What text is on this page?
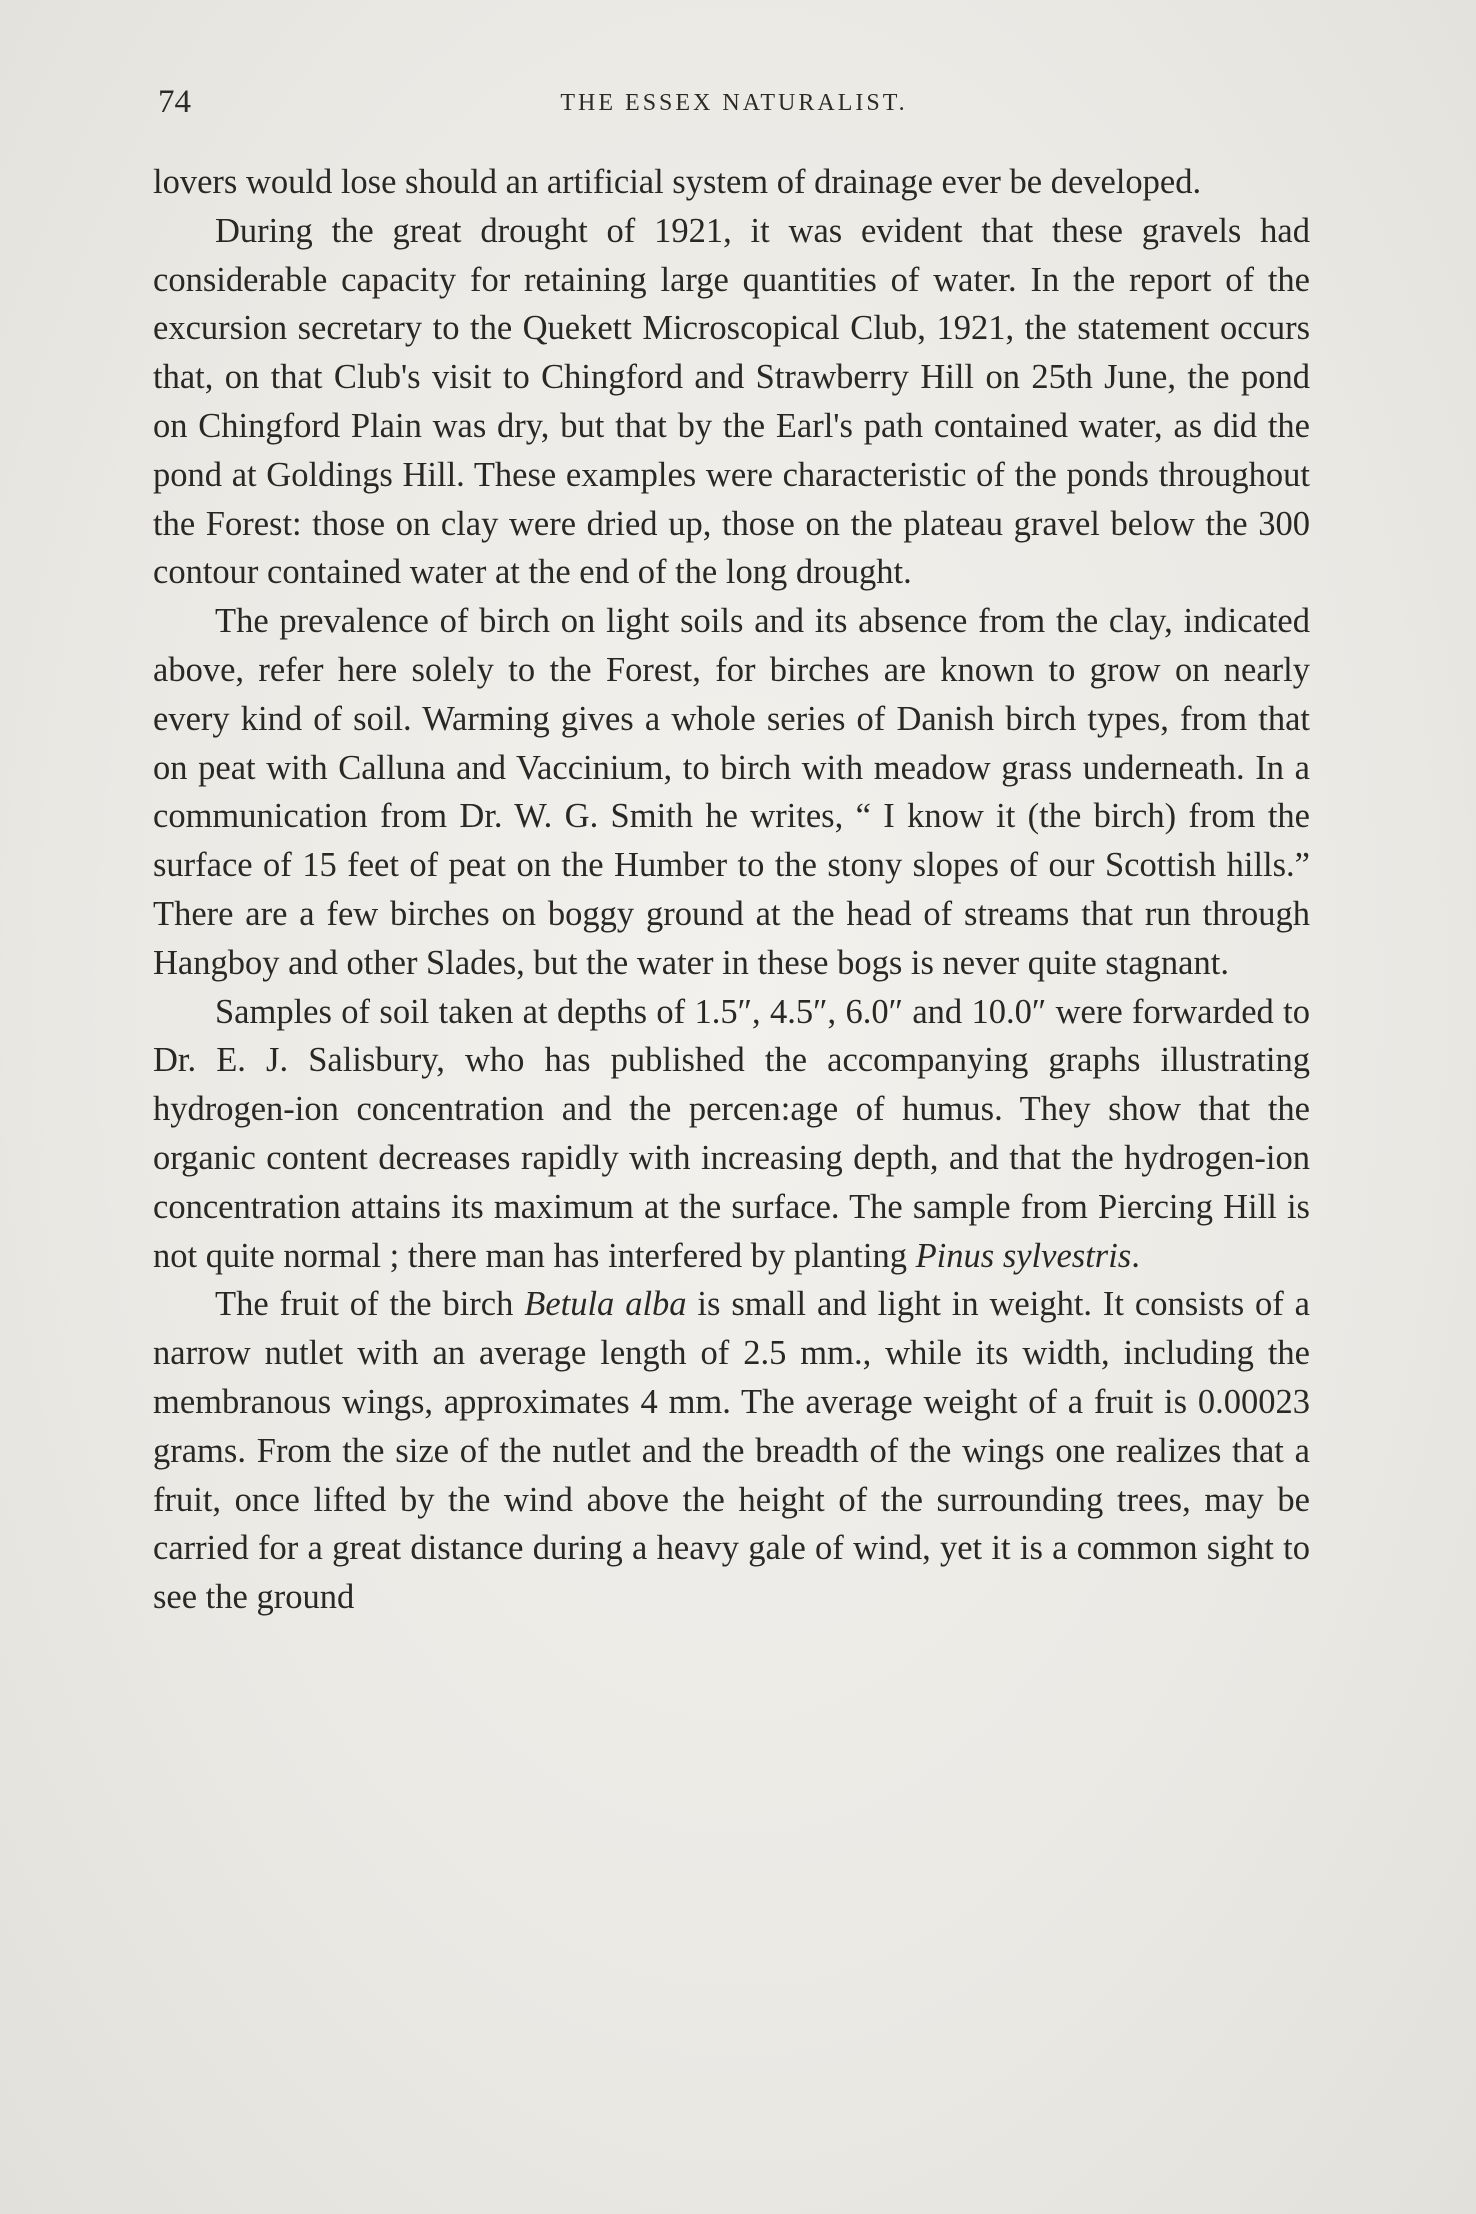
74	THE ESSEX NATURALIST.

lovers would lose should an artificial system of drainage ever be developed.

During the great drought of 1921, it was evident that these gravels had considerable capacity for retaining large quantities of water. In the report of the excursion secretary to the Quekett Microscopical Club, 1921, the statement occurs that, on that Club's visit to Chingford and Strawberry Hill on 25th June, the pond on Chingford Plain was dry, but that by the Earl's path contained water, as did the pond at Goldings Hill. These examples were characteristic of the ponds throughout the Forest: those on clay were dried up, those on the plateau gravel below the 300 contour contained water at the end of the long drought.

The prevalence of birch on light soils and its absence from the clay, indicated above, refer here solely to the Forest, for birches are known to grow on nearly every kind of soil. Warming gives a whole series of Danish birch types, from that on peat with Calluna and Vaccinium, to birch with meadow grass underneath. In a communication from Dr. W. G. Smith he writes, “ I know it (the birch) from the surface of 15 feet of peat on the Humber to the stony slopes of our Scottish hills.” There are a few birches on boggy ground at the head of streams that run through Hangboy and other Slades, but the water in these bogs is never quite stagnant.

Samples of soil taken at depths of 1.5″, 4.5″, 6.0″ and 10.0″ were forwarded to Dr. E. J. Salisbury, who has published the accompanying graphs illustrating hydrogen-ion concentration and the percen:age of humus. They show that the organic content decreases rapidly with increasing depth, and that the hydrogen-ion concentration attains its maximum at the surface. The sample from Piercing Hill is not quite normal ; there man has interfered by planting Pinus sylvestris.

The fruit of the birch Betula alba is small and light in weight. It consists of a narrow nutlet with an average length of 2.5 mm., while its width, including the membranous wings, approximates 4 mm. The average weight of a fruit is 0.00023 grams. From the size of the nutlet and the breadth of the wings one realizes that a fruit, once lifted by the wind above the height of the surrounding trees, may be carried for a great distance during a heavy gale of wind, yet it is a common sight to see the ground
